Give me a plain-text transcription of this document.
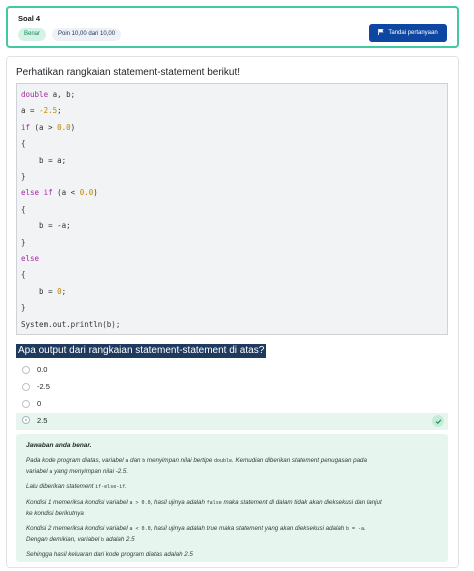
Soal 4
Benar	Poin 10,00 dari 10,00	Tandai pertanyaan
Perhatikan rangkaian statement-statement berikut!
double a, b;
a = -2.5;
if (a > 0.0)
{
b = a;
}
else if (a < 0.0)
{
b = -a;
}
else
{
b = 0;
}
System.out.println(b);
Apa output dari rangkaian statement-statement di atas?
0.0
-2.5
0
2.5
Jawaban anda benar.
Pada kode program diatas, variabel a dan b menyimpan nilai bertipe double. Kemudian diberikan statement penugasan pada
variabel a yang menyimpan nilai -2.5.
Lalu diberikan statement if-else-if.
Kondisi 1 memeriksa kondisi variabel a > 0.0, hasil ujinya adalah false maka statement di dalam tidak akan dieksekusi dan lanjut
ke kondisi berikutnya
Kondisi 2 memeriksa kondisi variabel a < 0.0, hasil ujinya adalah true maka statement yang akan dieksekusi adalah b = -a.
Dengan demikian, variabel b adalah 2.5
Sehingga hasil keluaran dari kode program diatas adalah 2.5
